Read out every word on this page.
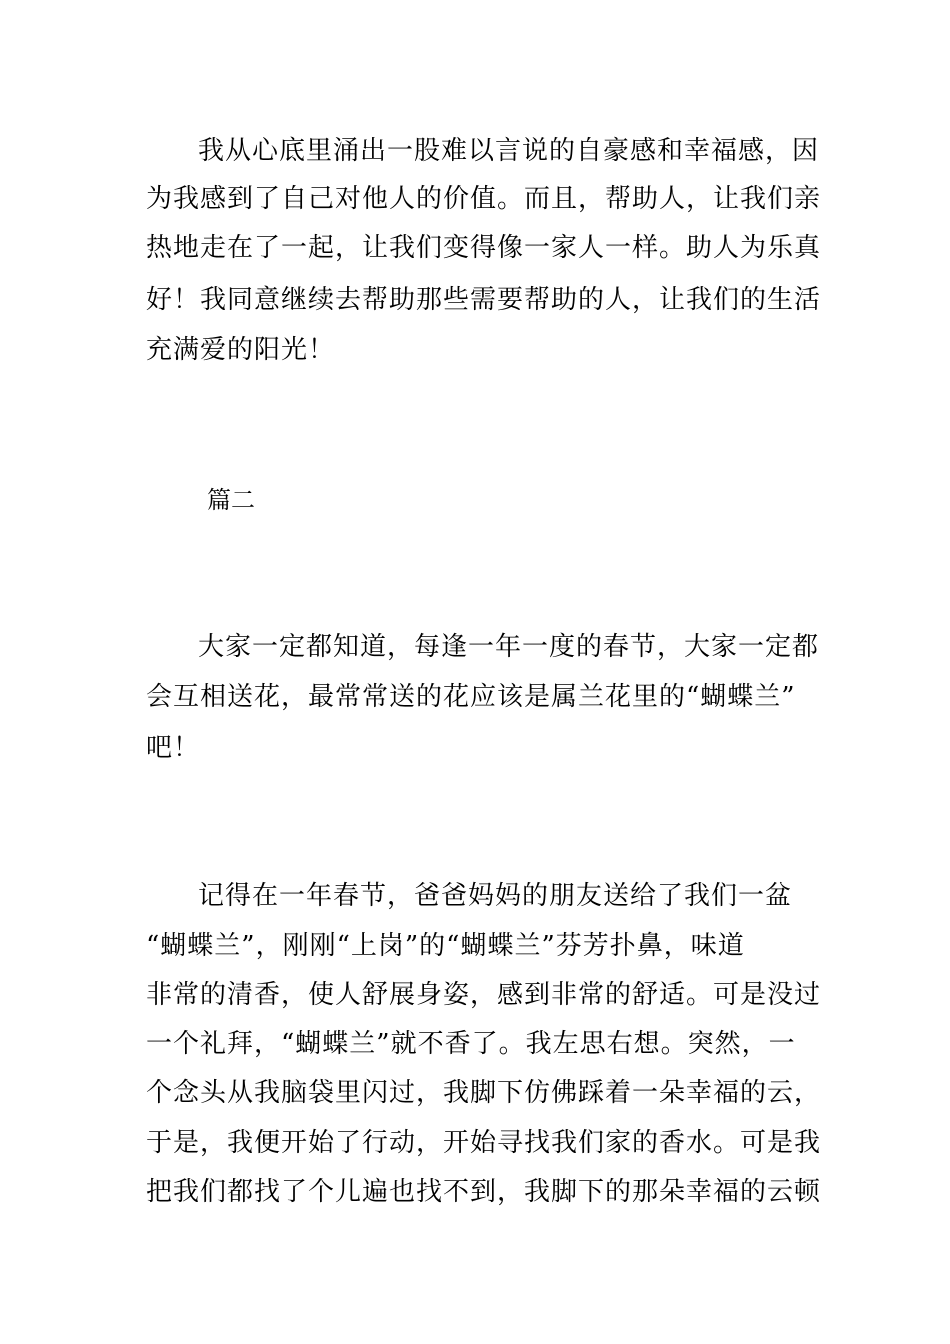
我从心底里涌出一股难以言说的自豪感和幸福感，因
为我感到了自己对他人的价值。而且，帮助人，让我们亲
热地走在了一起，让我们变得像一家人一样。助人为乐真
好！我同意继续去帮助那些需要帮助的人，让我们的生活
充满爱的阳光！
篇二
大家一定都知道，每逢一年一度的春节，大家一定都
会互相送花，最常常送的花应该是属兰花里的“蝴蝶兰”
吧！
记得在一年春节，爸爸妈妈的朋友送给了我们一盆
“蝴蝶兰”，刚刚“上岗”的“蝴蝶兰”芬芳扑鼻，味道
非常的清香，使人舒展身姿，感到非常的舒适。可是没过
一个礼拜，“蝴蝶兰”就不香了。我左思右想。突然，一
个念头从我脑袋里闪过，我脚下仿佛踩着一朵幸福的云，
于是，我便开始了行动，开始寻找我们家的香水。可是我
把我们都找了个儿遍也找不到，我脚下的那朵幸福的云顿
